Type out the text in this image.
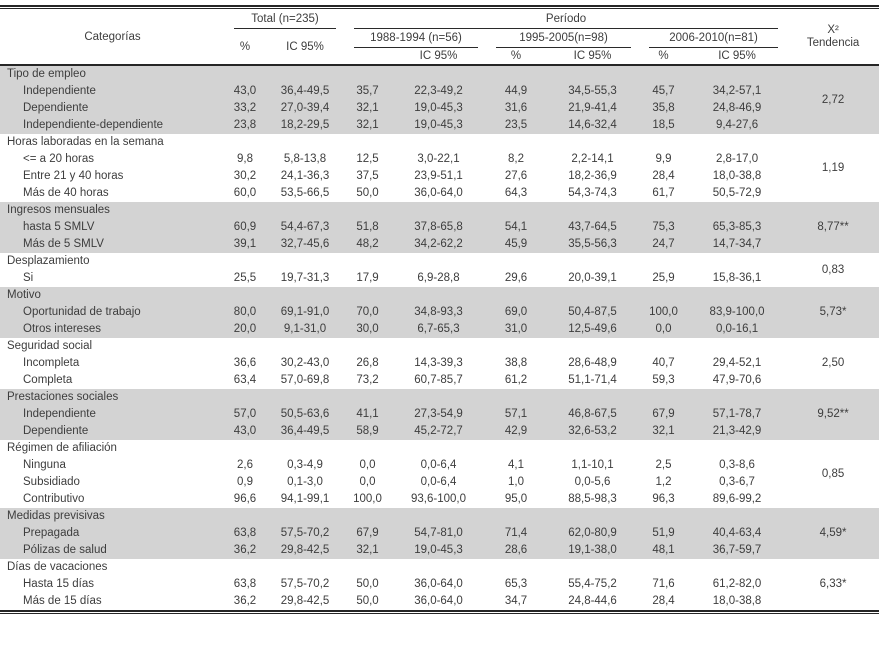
Categorías	Total (n=235)		Período						X²
Tendencia

	%	IC 95%	1988-1994 (n=56)		1995-2005(n=98)		2006-2010(n=81)		

				IC 95%	%	IC 95%	%	IC 95%	
Tipo de empleo									2,72
Independiente	43,0	36,4-49,5	35,7	22,3-49,2	44,9	34,5-55,3	45,7	34,2-57,1	
Dependiente	33,2	27,0-39,4	32,1	19,0-45,3	31,6	21,9-41,4	35,8	24,8-46,9	
Independiente-dependiente	23,8	18,2-29,5	32,1	19,0-45,3	23,5	14,6-32,4	18,5	9,4-27,6	
Horas laboradas en la semana									1,19
<= a 20 horas	9,8	5,8-13,8	12,5	3,0-22,1	8,2	2,2-14,1	9,9	2,8-17,0	
Entre 21 y 40 horas	30,2	24,1-36,3	37,5	23,9-51,1	27,6	18,2-36,9	28,4	18,0-38,8	
Más de 40 horas	60,0	53,5-66,5	50,0	36,0-64,0	64,3	54,3-74,3	61,7	50,5-72,9	
Ingresos mensuales									8,77**
hasta 5 SMLV	60,9	54,4-67,3	51,8	37,8-65,8	54,1	43,7-64,5	75,3	65,3-85,3	
Más de 5 SMLV	39,1	32,7-45,6	48,2	34,2-62,2	45,9	35,5-56,3	24,7	14,7-34,7	
Desplazamiento									0,83
Si	25,5	19,7-31,3	17,9	6,9-28,8	29,6	20,0-39,1	25,9	15,8-36,1	
Motivo									5,73*
Oportunidad de trabajo	80,0	69,1-91,0	70,0	34,8-93,3	69,0	50,4-87,5	100,0	83,9-100,0	
Otros intereses	20,0	9,1-31,0	30,0	6,7-65,3	31,0	12,5-49,6	0,0	0,0-16,1	
Seguridad social									2,50
Incompleta	36,6	30,2-43,0	26,8	14,3-39,3	38,8	28,6-48,9	40,7	29,4-52,1	
Completa	63,4	57,0-69,8	73,2	60,7-85,7	61,2	51,1-71,4	59,3	47,9-70,6	
Prestaciones sociales									9,52**
Independiente	57,0	50,5-63,6	41,1	27,3-54,9	57,1	46,8-67,5	67,9	57,1-78,7	
Dependiente	43,0	36,4-49,5	58,9	45,2-72,7	42,9	32,6-53,2	32,1	21,3-42,9	
Régimen de afiliación									0,85
Ninguna	2,6	0,3-4,9	0,0	0,0-6,4	4,1	1,1-10,1	2,5	0,3-8,6	
Subsidiado	0,9	0,1-3,0	0,0	0,0-6,4	1,0	0,0-5,6	1,2	0,3-6,7	
Contributivo	96,6	94,1-99,1	100,0	93,6-100,0	95,0	88,5-98,3	96,3	89,6-99,2	
Medidas previsivas									4,59*
Prepagada	63,8	57,5-70,2	67,9	54,7-81,0	71,4	62,0-80,9	51,9	40,4-63,4	
Pólizas de salud	36,2	29,8-42,5	32,1	19,0-45,3	28,6	19,1-38,0	48,1	36,7-59,7	
Días de vacaciones									6,33*
Hasta 15 días	63,8	57,5-70,2	50,0	36,0-64,0	65,3	55,4-75,2	71,6	61,2-82,0	
Más de 15 días	36,2	29,8-42,5	50,0	36,0-64,0	34,7	24,8-44,6	28,4	18,0-38,8	
